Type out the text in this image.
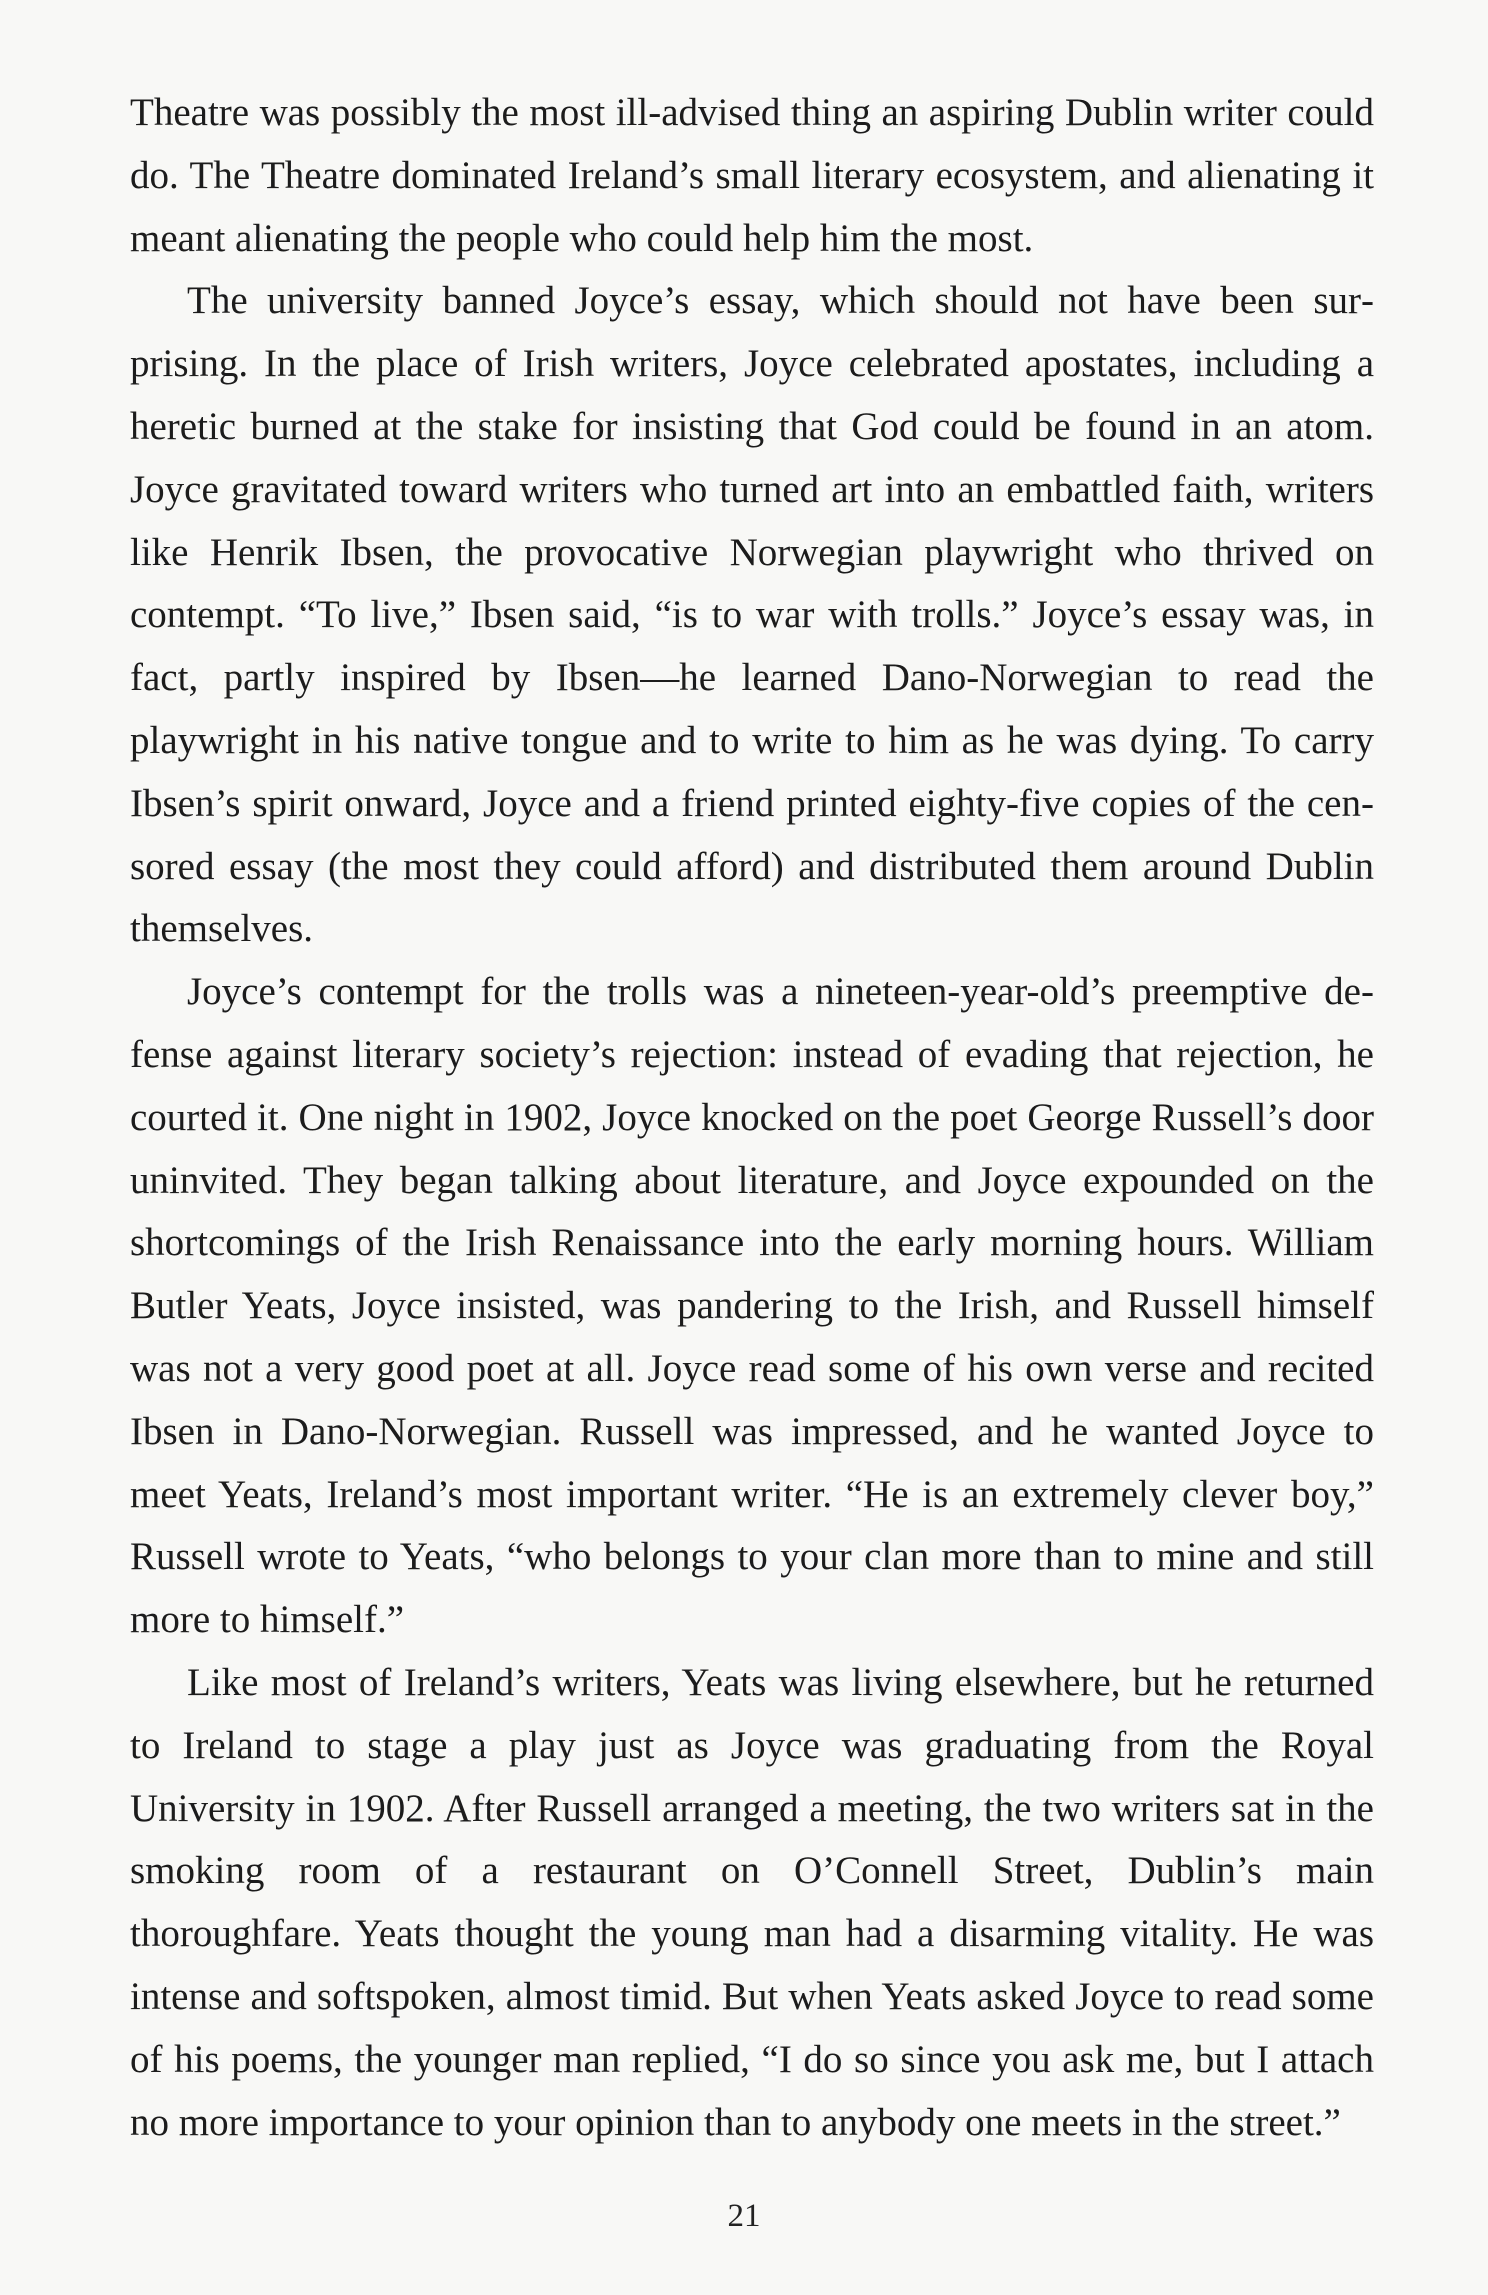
Theatre was possibly the most ill-advised thing an aspiring Dublin writer could do. The Theatre dominated Ireland’s small literary ecosystem, and alienating it meant alienating the people who could help him the most.

The university banned Joyce’s essay, which should not have been surprising. In the place of Irish writers, Joyce celebrated apostates, including a heretic burned at the stake for insisting that God could be found in an atom. Joyce gravitated toward writers who turned art into an embattled faith, writers like Henrik Ibsen, the provocative Norwegian playwright who thrived on contempt. “To live,” Ibsen said, “is to war with trolls.” Joyce’s essay was, in fact, partly inspired by Ibsen—he learned Dano-Norwegian to read the playwright in his native tongue and to write to him as he was dying. To carry Ibsen’s spirit onward, Joyce and a friend printed eighty-five copies of the censored essay (the most they could afford) and distributed them around Dublin themselves.

Joyce’s contempt for the trolls was a nineteen-year-old’s preemptive defense against literary society’s rejection: instead of evading that rejection, he courted it. One night in 1902, Joyce knocked on the poet George Russell’s door uninvited. They began talking about literature, and Joyce expounded on the shortcomings of the Irish Renaissance into the early morning hours. William Butler Yeats, Joyce insisted, was pandering to the Irish, and Russell himself was not a very good poet at all. Joyce read some of his own verse and recited Ibsen in Dano-Norwegian. Russell was impressed, and he wanted Joyce to meet Yeats, Ireland’s most important writer. “He is an extremely clever boy,” Russell wrote to Yeats, “who belongs to your clan more than to mine and still more to himself.”

Like most of Ireland’s writers, Yeats was living elsewhere, but he returned to Ireland to stage a play just as Joyce was graduating from the Royal University in 1902. After Russell arranged a meeting, the two writers sat in the smoking room of a restaurant on O’Connell Street, Dublin’s main thoroughfare. Yeats thought the young man had a disarming vitality. He was intense and softspoken, almost timid. But when Yeats asked Joyce to read some of his poems, the younger man replied, “I do so since you ask me, but I attach no more importance to your opinion than to anybody one meets in the street.”

21
